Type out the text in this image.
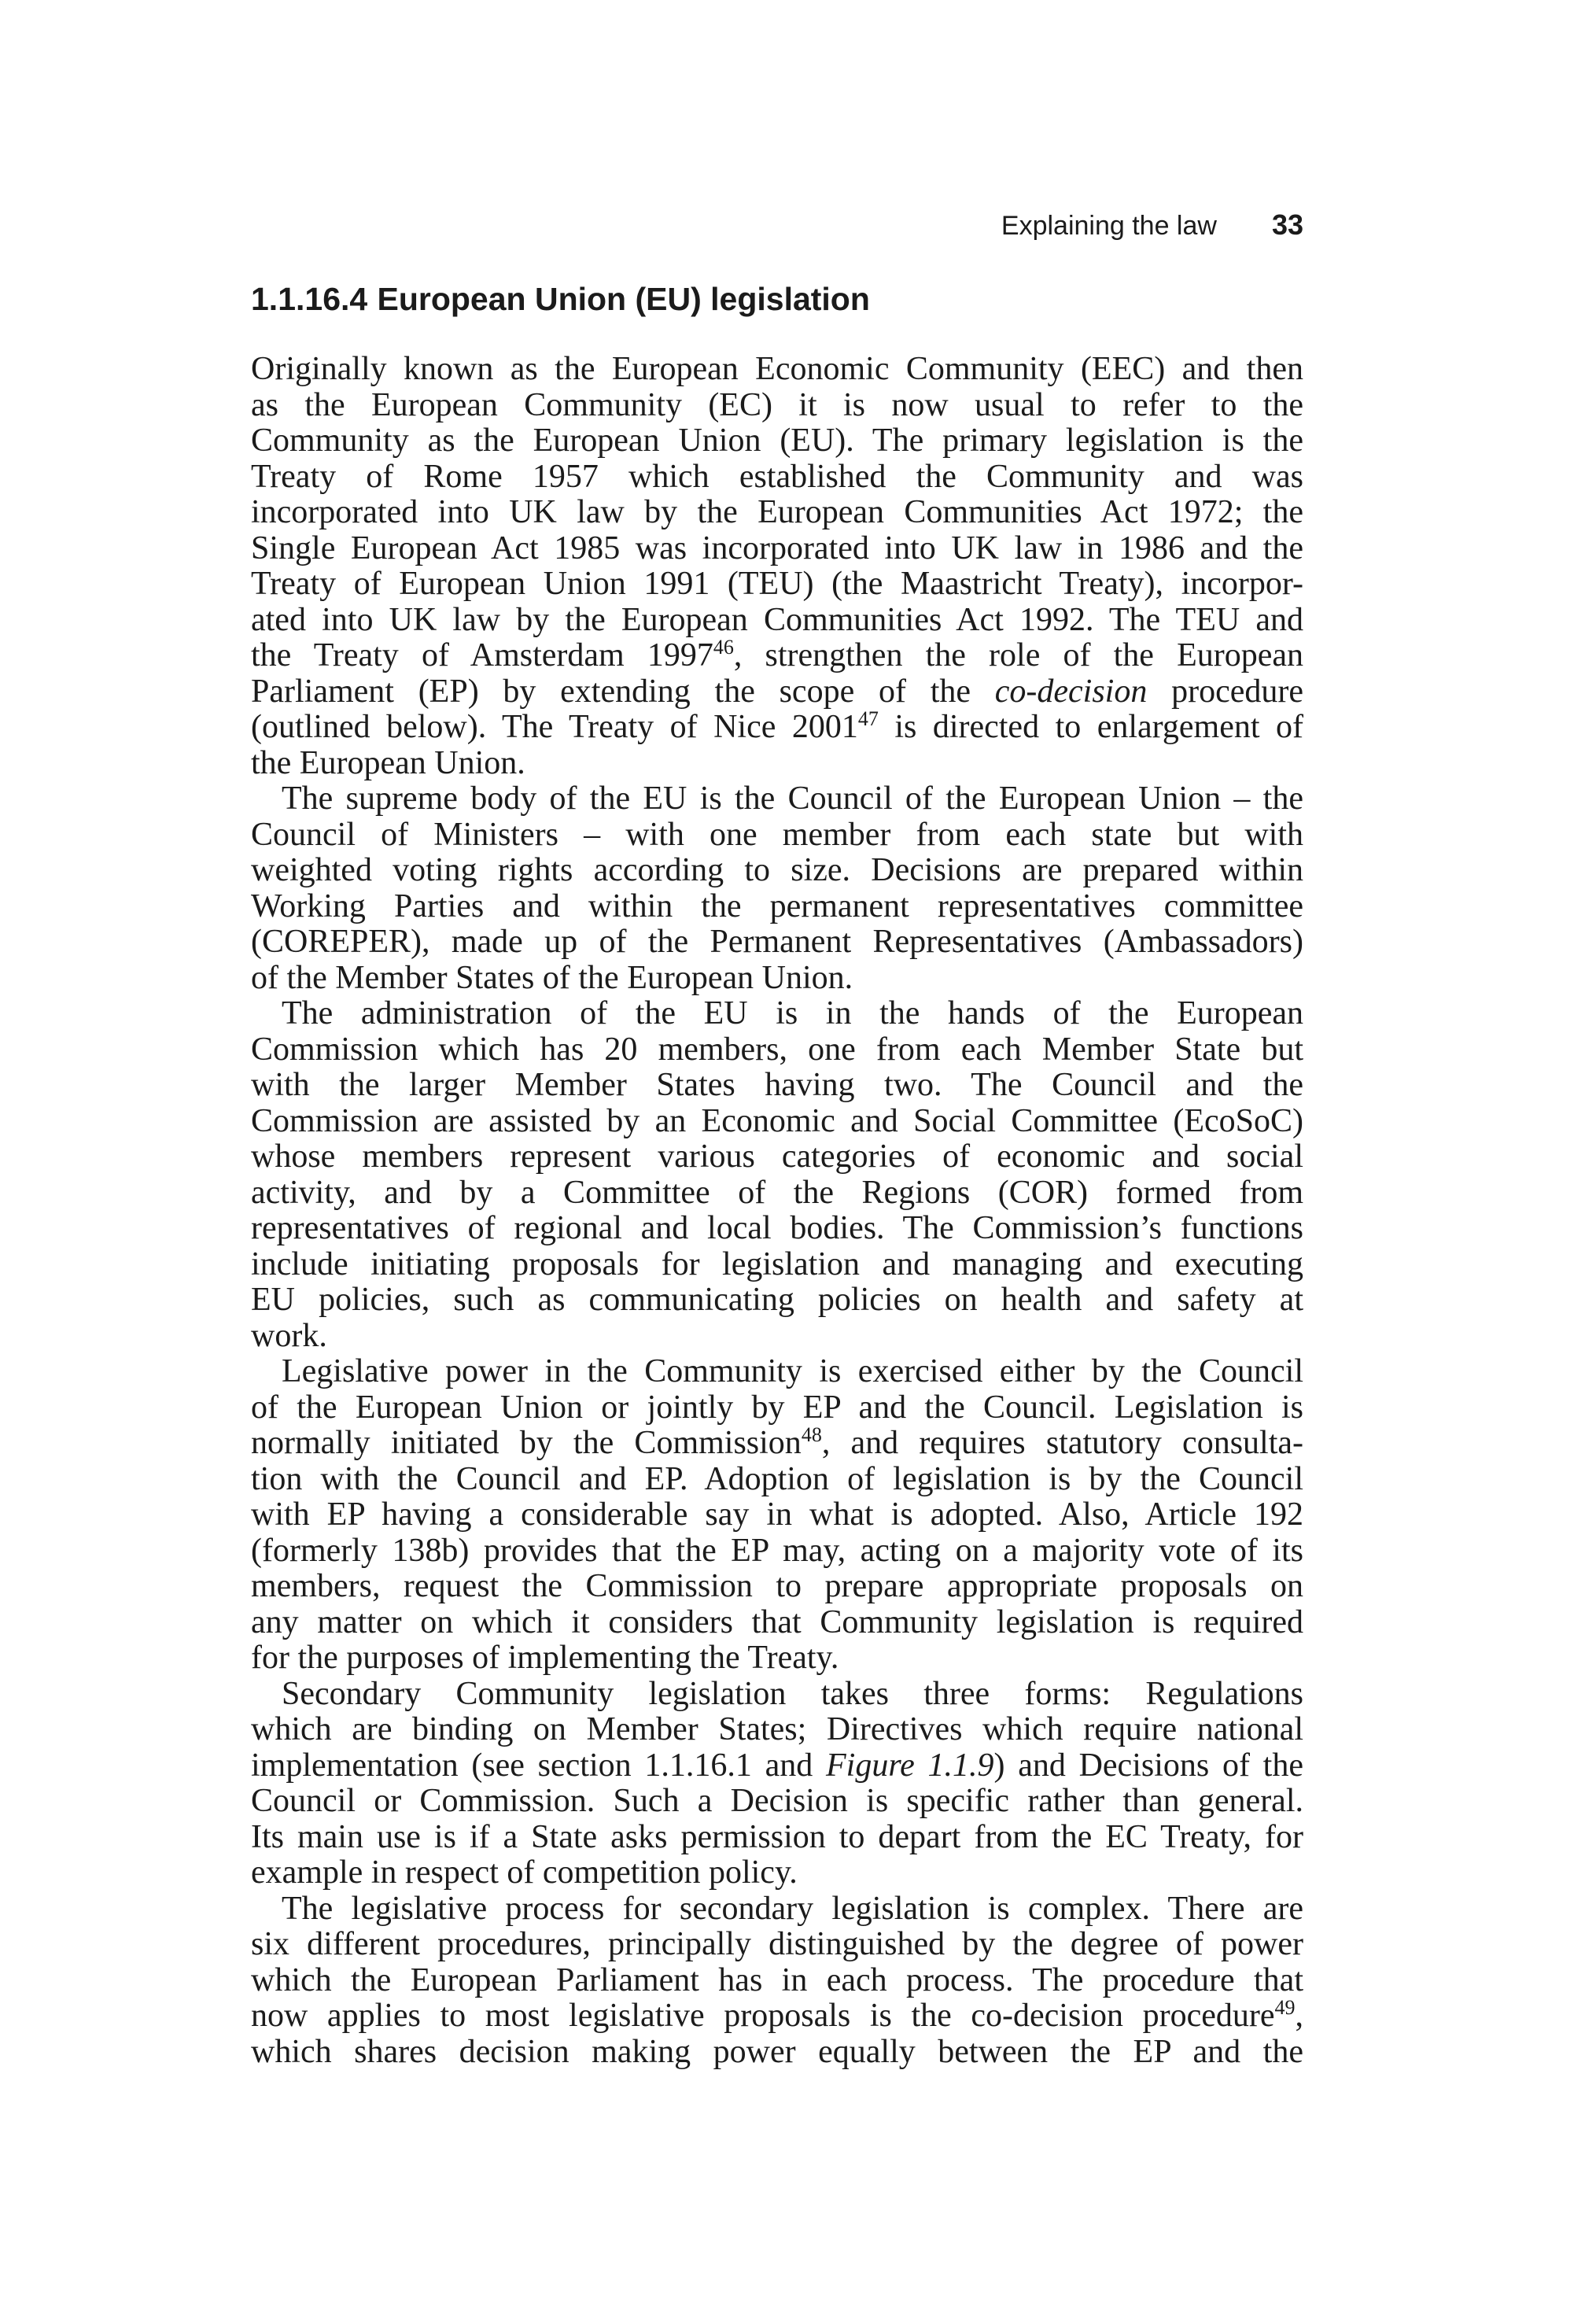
Explaining the law 33
1.1.16.4 European Union (EU) legislation
Originally known as the European Economic Community (EEC) and then
as the European Community (EC) it is now usual to refer to the
Community as the European Union (EU). The primary legislation is the
Treaty of Rome 1957 which established the Community and was
incorporated into UK law by the European Communities Act 1972; the
Single European Act 1985 was incorporated into UK law in 1986 and the
Treaty of European Union 1991 (TEU) (the Maastricht Treaty), incorpor-
ated into UK law by the European Communities Act 1992. The TEU and
the Treaty of Amsterdam 1997$^{46}$, strengthen the role of the European
Parliament (EP) by extending the scope of the co-decision procedure
(outlined below). The Treaty of Nice 2001$^{47}$ is directed to enlargement of
the European Union.
The supreme body of the EU is the Council of the European Union – the
Council of Ministers – with one member from each state but with
weighted voting rights according to size. Decisions are prepared within
Working Parties and within the permanent representatives committee
(COREPER), made up of the Permanent Representatives (Ambassadors)
of the Member States of the European Union.
The administration of the EU is in the hands of the European
Commission which has 20 members, one from each Member State but
with the larger Member States having two. The Council and the
Commission are assisted by an Economic and Social Committee (EcoSoC)
whose members represent various categories of economic and social
activity, and by a Committee of the Regions (COR) formed from
representatives of regional and local bodies. The Commission’s functions
include initiating proposals for legislation and managing and executing
EU policies, such as communicating policies on health and safety at
work.
Legislative power in the Community is exercised either by the Council
of the European Union or jointly by EP and the Council. Legislation is
normally initiated by the Commission$^{48}$, and requires statutory consulta-
tion with the Council and EP. Adoption of legislation is by the Council
with EP having a considerable say in what is adopted. Also, Article 192
(formerly 138b) provides that the EP may, acting on a majority vote of its
members, request the Commission to prepare appropriate proposals on
any matter on which it considers that Community legislation is required
for the purposes of implementing the Treaty.
Secondary Community legislation takes three forms: Regulations
which are binding on Member States; Directives which require national
implementation (see section 1.1.16.1 and Figure 1.1.9) and Decisions of the
Council or Commission. Such a Decision is specific rather than general.
Its main use is if a State asks permission to depart from the EC Treaty, for
example in respect of competition policy.
The legislative process for secondary legislation is complex. There are
six different procedures, principally distinguished by the degree of power
which the European Parliament has in each process. The procedure that
now applies to most legislative proposals is the co-decision procedure$^{49}$,
which shares decision making power equally between the EP and the
